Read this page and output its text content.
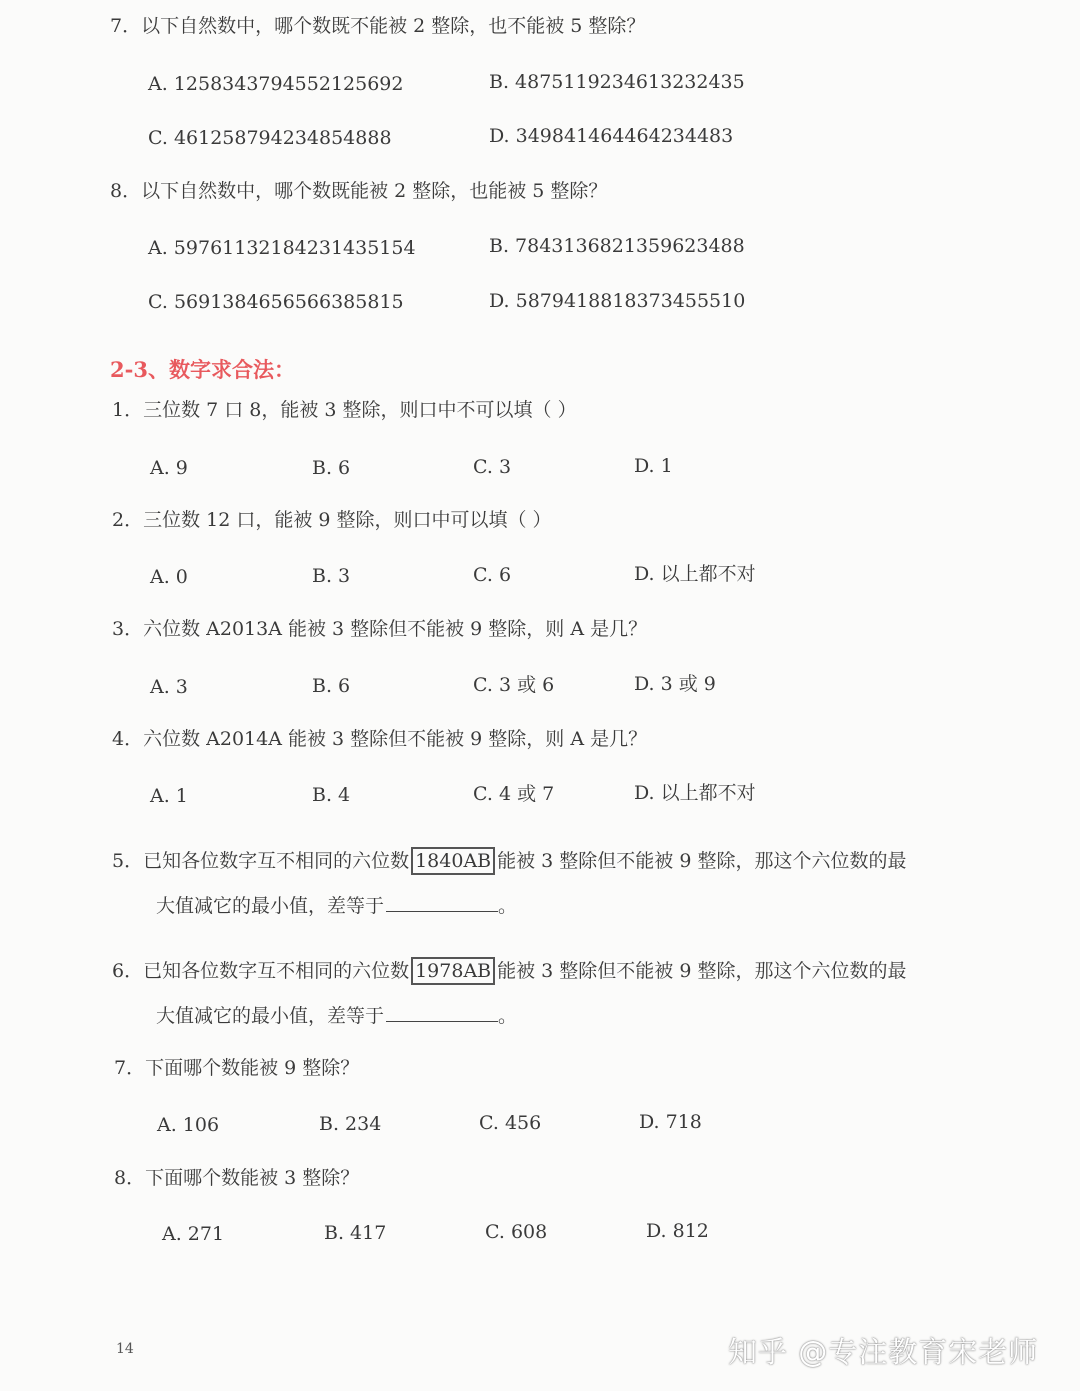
7．以下自然数中，哪个数既不能被 2 整除，也不能被 5 整除？
A. 1258343794552125692	B. 4875119234613232435
C. 461258794234854888	D. 349841464464234483
8．以下自然数中，哪个数既能被 2 整除，也能被 5 整除？
A. 5976113218423143515​4	B. 7843136821359623488
C. 5691384656566385815	D. 5879418818373455510
2-3、数字求合法：
1．三位数 7 口 8，能被 3 整除，则口中不可以填（ ）
A. 9	B. 6	C. 3	D. 1
2．三位数 12 口，能被 9 整除，则口中可以填（ ）
A. 0	B. 3	C. 6	D. 以上都不对
3．六位数 A2013A 能被 3 整除但不能被 9 整除，则 A 是几？
A. 3	B. 6	C. 3 或 6	D. 3 或 9
4．六位数 A2014A 能被 3 整除但不能被 9 整除，则 A 是几？
A. 1	B. 4	C. 4 或 7	D. 以上都不对
5．已知各位数字互不相同的六位数 1840AB 能被 3 整除但不能被 9 整除，那这个六位数的最
大值减它的最小值，差等于	。
6．已知各位数字互不相同的六位数 1978AB 能被 3 整除但不能被 9 整除，那这个六位数的最
大值减它的最小值，差等于	。
7．下面哪个数能被 9 整除？
A. 106	B. 234	C. 456	D. 718
8．下面哪个数能被 3 整除？
A. 271	B. 417	C. 608	D. 812
14	知乎 @专注教育宋老师
